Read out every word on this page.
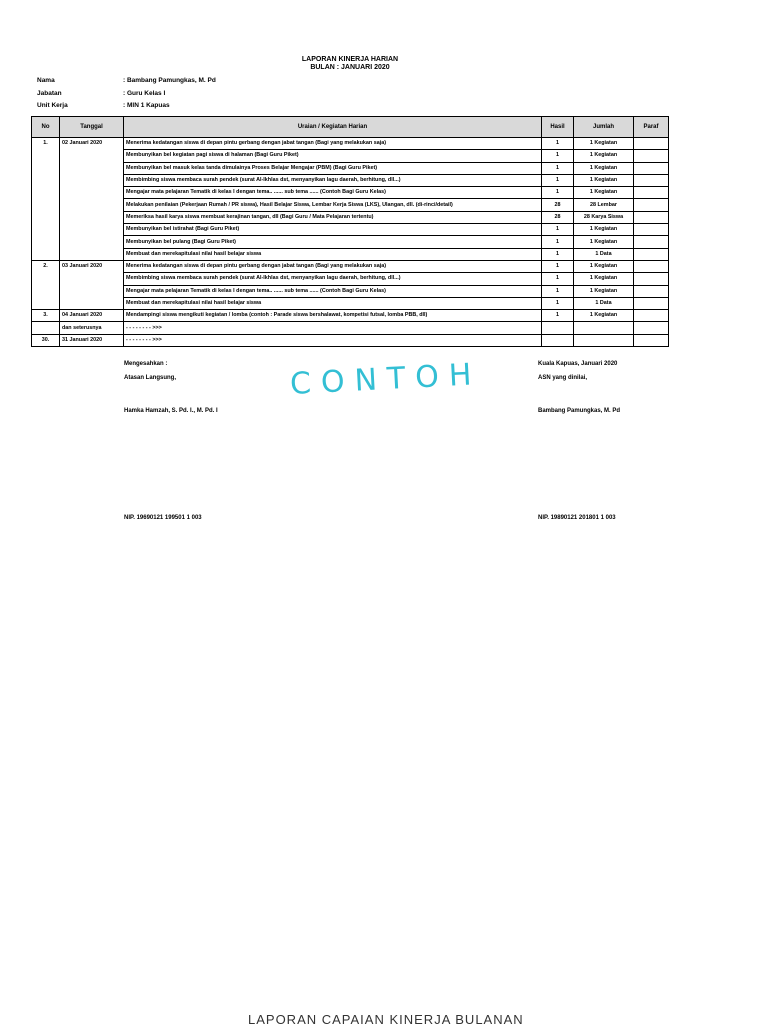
LAPORAN KINERJA HARIAN
BULAN : JANUARI 2020
Nama	: Bambang Pamungkas, M. Pd
Jabatan	: Guru Kelas I
Unit Kerja	: MIN 1 Kapuas
No	Tanggal	Uraian / Kegiatan Harian	Hasil	Jumlah	Paraf
1.	02 Januari 2020	Menerima kedatangan siswa di depan pintu gerbang dengan jabat tangan (Bagi yang melakukan saja)	1	1 Kegiatan	
		Membunyikan bel kegiatan pagi siswa di halaman (Bagi Guru Piket)	1	1 Kegiatan	
		Membunyikan bel masuk kelas tanda dimulainya Proses Belajar Mengajar (PBM) (Bagi Guru Piket)	1	1 Kegiatan	
		Membimbing siswa membaca surah pendek (surat Al-Ikhlas dst, menyanyikan lagu daerah, berhitung, dll...)	1	1 Kegiatan	
		Mengajar mata pelajaran Tematik di kelas I dengan tema.. ...... sub tema ...... (Contoh Bagi Guru Kelas)	1	1 Kegiatan	
		Melakukan penilaian (Pekerjaan Rumah / PR siswa), Hasil Belajar Siswa, Lembar Kerja Siswa (LKS), Ulangan, dll. (di-rinci/detail)	28	28 Lembar	
		Memeriksa hasil karya siswa membuat kerajinan tangan, dll (Bagi Guru / Mata Pelajaran tertentu)	28	28 Karya Siswa	
		Membunyikan bel istirahat (Bagi Guru Piket)	1	1 Kegiatan	
		Membunyikan bel pulang (Bagi Guru Piket)	1	1 Kegiatan	
		Membuat dan merekapitulasi nilai hasil belajar siswa	1	1 Data	
2.	03 Januari 2020	Menerima kedatangan siswa di depan pintu gerbang dengan jabat tangan (Bagi yang melakukan saja)	1	1 Kegiatan	
		Membimbing siswa membaca surah pendek (surat Al-Ikhlas dst, menyanyikan lagu daerah, berhitung, dll...)	1	1 Kegiatan	
		Mengajar mata pelajaran Tematik di kelas I dengan tema.. ...... sub tema ...... (Contoh Bagi Guru Kelas)	1	1 Kegiatan	
		Membuat dan merekapitulasi nilai hasil belajar siswa	1	1 Data	
3.	04 Januari 2020	Mendampingi siswa mengikuti kegiatan / lomba (contoh : Parade siswa bershalawat, kompetisi futsal, lomba PBB, dll)	1	1 Kegiatan	
	dan seterusnya	- - - - - - - - >>>			
30.	31 Januari 2020	- - - - - - - - >>>			
CONTOH
Mengesahkan :
Atasan Langsung,
Hamka Hamzah, S. Pd. I., M. Pd. I
NIP. 19690121 199501 1 003
Kuala Kapuas, Januari 2020
ASN yang dinilai,
Bambang Pamungkas, M. Pd
NIP. 19890121 201801 1 003
LAPORAN CAPAIAN KINERJA BULANAN
